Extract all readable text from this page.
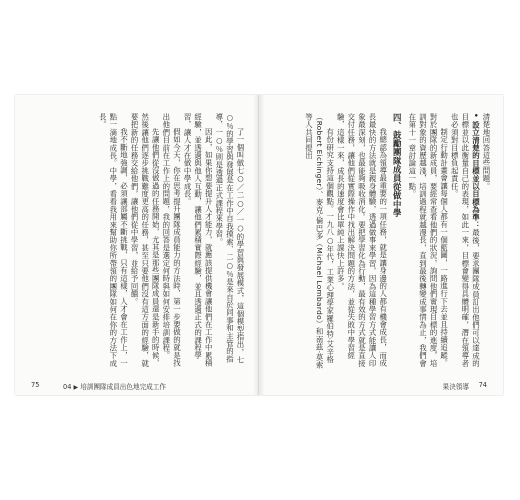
了一個叫做七○／二○／一○的學習與發展模式，這個模型指出，七○％的學習與發展是在工作中自我摸索、二○％是來自於同事和主管的指導，一○％則是透過正式課程來學習。

因此，如果你想要提升人才能力，就應該提供機會讓他們在工作中累積經驗，並透過與他人互動，讓他們累積實際經驗，並且透過正式的課程學習，讓人才在做中學成長。

假如今天，你在思考提升團隊成員能力的方法時，第一步要做的就是找出他們目前在工作上的問題，我的回答是選定何時與如何安排培訓課程。

先讓他們從沒做過的任務開始，尤其是那些團隊成員還是新手的時候，然後讓他們逐步挑戰難度更高的任務，甚至只要他們沒有這方面的經驗，就要把新的任務交給他們，讓他們從中學習，並給予回饋。

我不斷地強調，必須讓部屬不斷挑戰，只有這樣，人才會在工作上，一點一滴地成長。中學，看看我用來幫助你所帶領的團隊如何在你的方法下成長。

75	04 ▶ 培訓團隊成員出色地完成工作

清楚地回答這些問題。

• 設立清楚的目標並以目標為準：最後，要求團隊成員訂出他們可以達成的目標並以此衡量自己的表現，如此一來，目標會變得具體明確，潛在領導者也必須對目標負起責任。

制定行動計畫會讓每個人都有一個藍圖，一路進行下去並且持續追蹤。對於團隊的新成員，要經常查看他們的狀況，詢問他們實現目標的進度，培訓對象的資歷越淺，培訓過程就越漫長，直到最後轉變成事情為止，我們會在第十一章討論這一點。

四、鼓勵團隊成員從做中學

我總認為領導最重要的一項任務，就是讓身邊的人都有機會成長，而成長最快的方法就是親身體驗，透過做事來學習，因為這種學習方式能讓人印象最深刻，也最能夠吸收消化。要把學習化為行動，最有效的方式就是直接交付任務，讓他們從實際操作中找出解決問題的方法，並從失敗中學習經驗，這樣一來，成長的速度會比單純上課快上許多。

有份研究支持這個觀點。一九八○年代，工業心理學家羅伯特·艾辛格（Robert Eichinger）、麥克·倫巴多（Michael Lombardo）和南茲·莫索等人共同提出

果決領導 74
